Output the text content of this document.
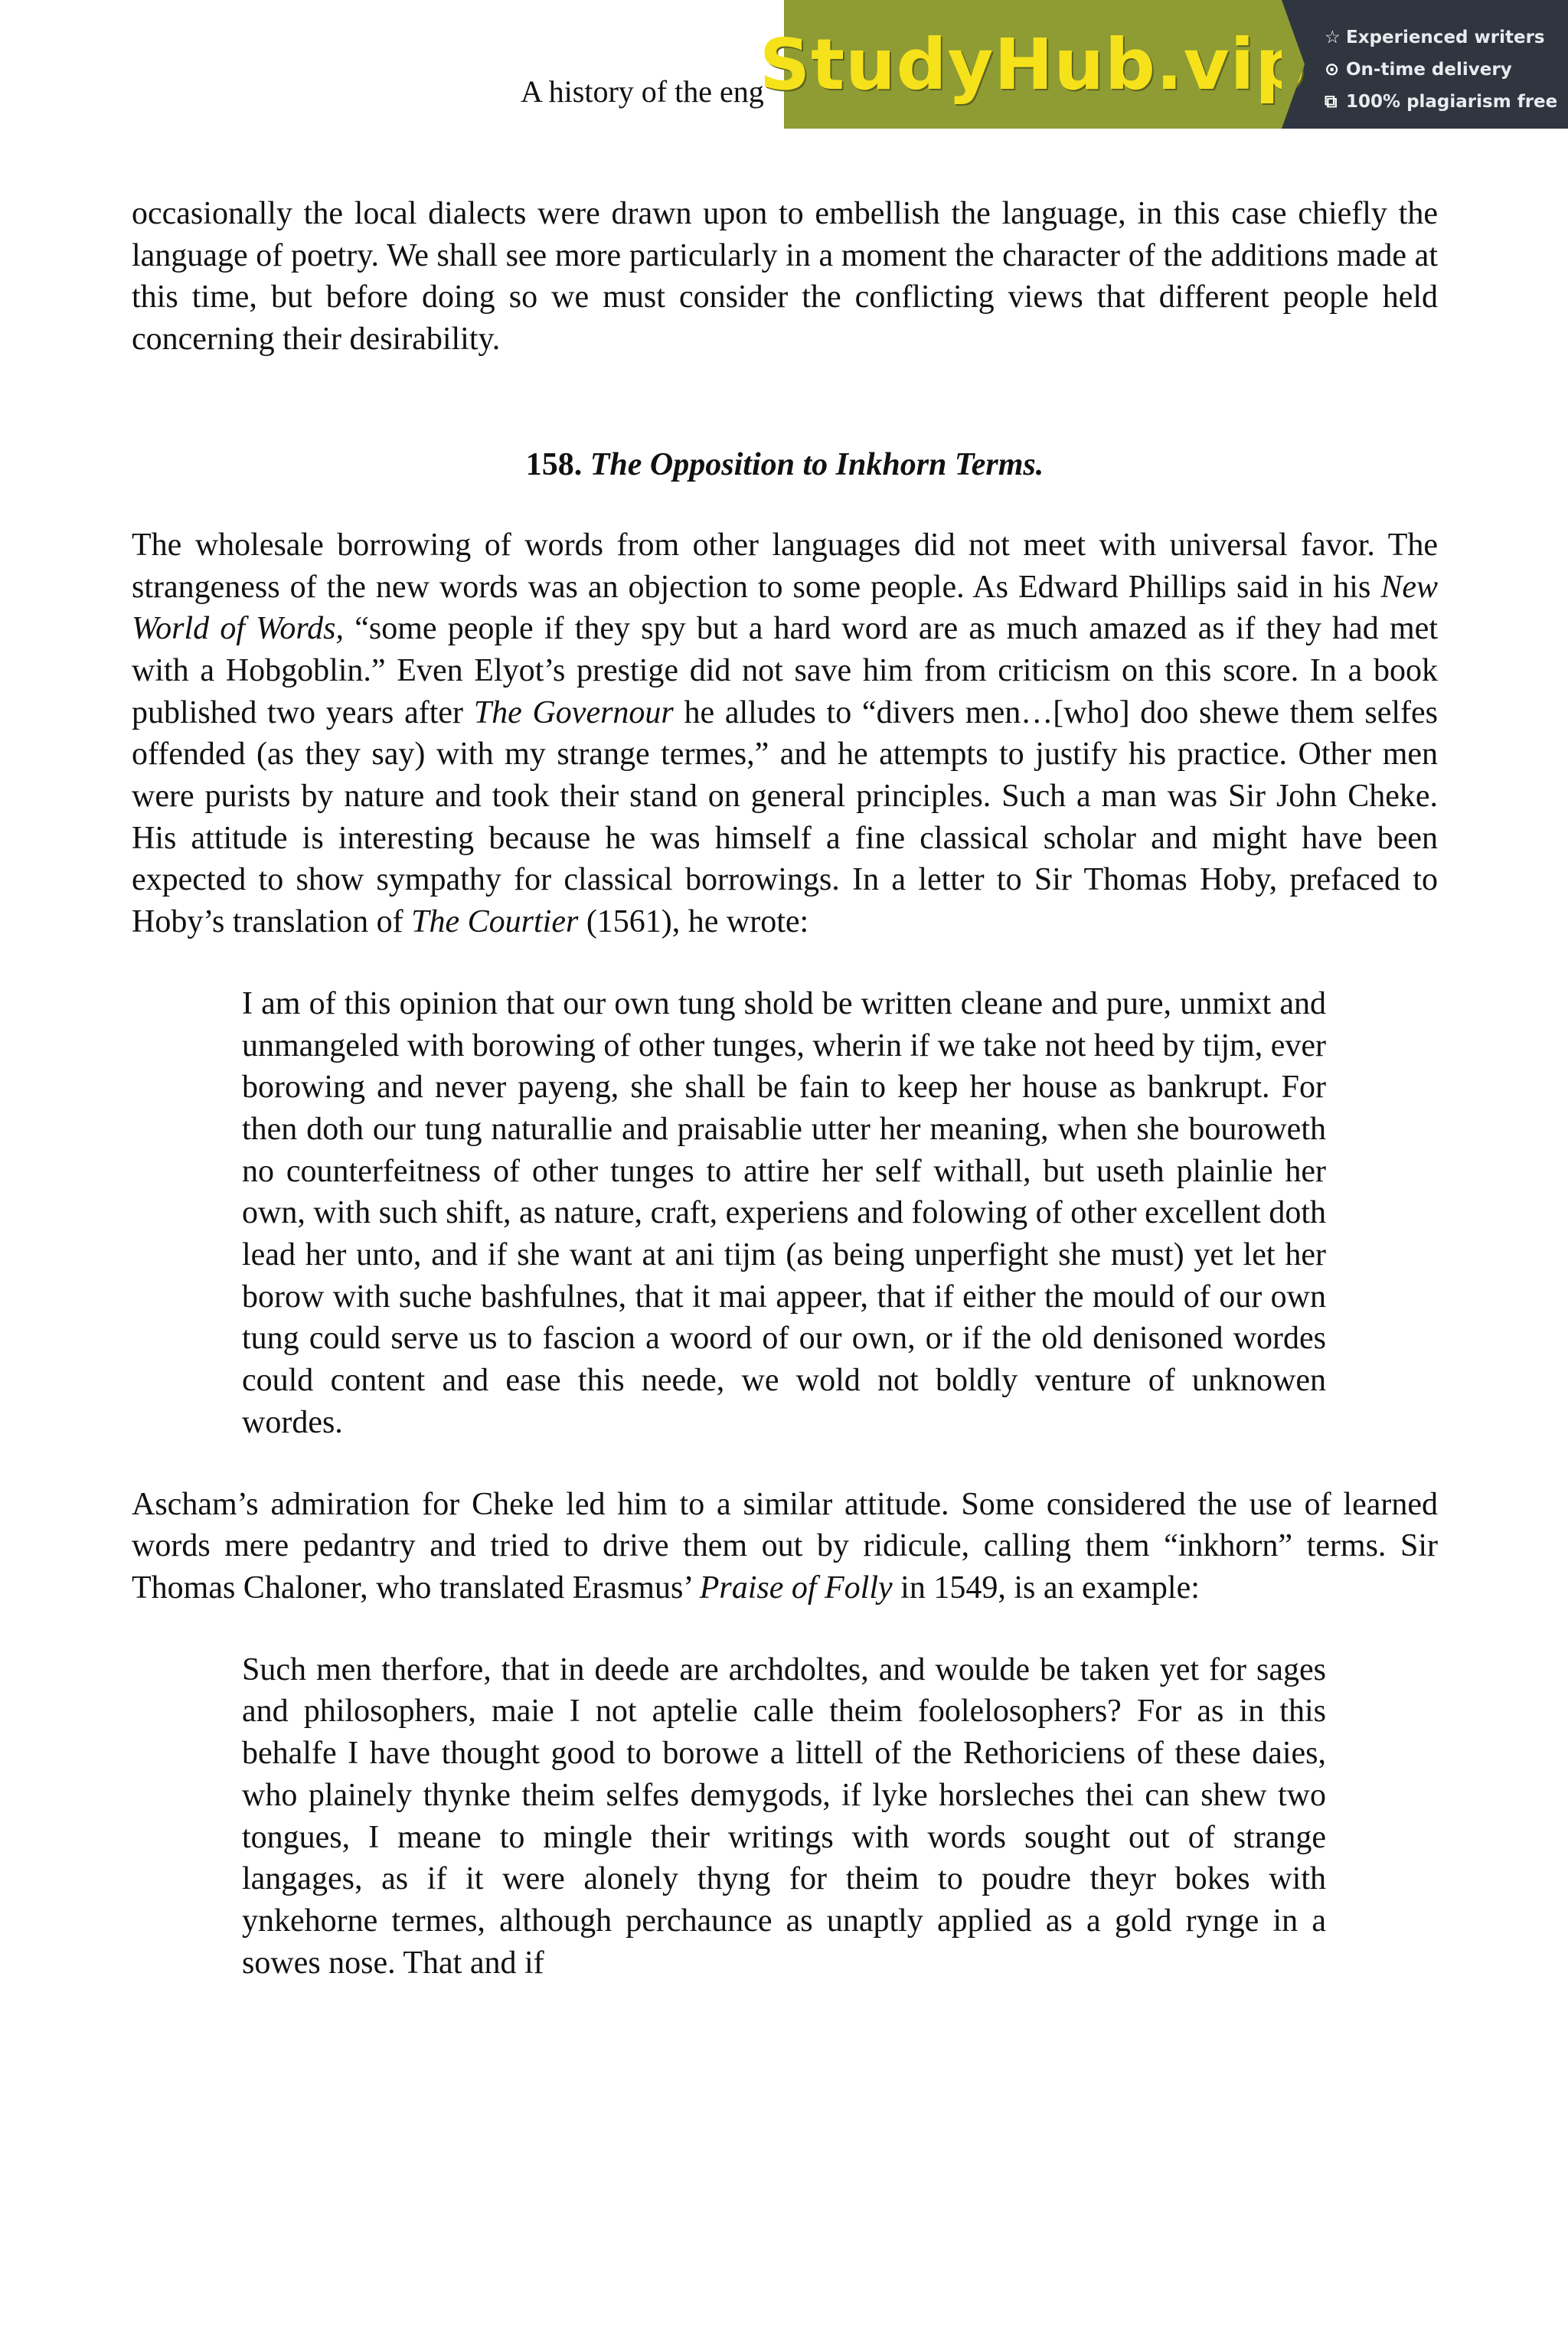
A history of the eng
StudyHub.vip ☆ Experienced writers
⊙ On-time delivery
⧉ 100% plagiarism free

occasionally the local dialects were drawn upon to embellish the language, in this case chiefly the language of poetry. We shall see more particularly in a moment the character of the additions made at this time, but before doing so we must consider the conflicting views that different people held concerning their desirability.

158. The Opposition to Inkhorn Terms.

The wholesale borrowing of words from other languages did not meet with universal favor. The strangeness of the new words was an objection to some people. As Edward Phillips said in his New World of Words, “some people if they spy but a hard word are as much amazed as if they had met with a Hobgoblin.” Even Elyot’s prestige did not save him from criticism on this score. In a book published two years after The Governour he alludes to “divers men…[who] doo shewe them selfes offended (as they say) with my strange termes,” and he attempts to justify his practice. Other men were purists by nature and took their stand on general principles. Such a man was Sir John Cheke. His attitude is interesting because he was himself a fine classical scholar and might have been expected to show sympathy for classical borrowings. In a letter to Sir Thomas Hoby, prefaced to Hoby’s translation of The Courtier (1561), he wrote:

I am of this opinion that our own tung shold be written cleane and pure, unmixt and unmangeled with borowing of other tunges, wherin if we take not heed by tijm, ever borowing and never payeng, she shall be fain to keep her house as bankrupt. For then doth our tung naturallie and praisablie utter her meaning, when she bouroweth no counterfeitness of other tunges to attire her self withall, but useth plainlie her own, with such shift, as nature, craft, experiens and folowing of other excellent doth lead her unto, and if she want at ani tijm (as being unperfight she must) yet let her borow with suche bashfulnes, that it mai appeer, that if either the mould of our own tung could serve us to fascion a woord of our own, or if the old denisoned wordes could content and ease this neede, we wold not boldly venture of unknowen wordes.

Ascham’s admiration for Cheke led him to a similar attitude. Some considered the use of learned words mere pedantry and tried to drive them out by ridicule, calling them “inkhorn” terms. Sir Thomas Chaloner, who translated Erasmus’ Praise of Folly in 1549, is an example:

Such men therfore, that in deede are archdoltes, and woulde be taken yet for sages and philosophers, maie I not aptelie calle theim foolelosophers? For as in this behalfe I have thought good to borowe a littell of the Rethoriciens of these daies, who plainely thynke theim selfes demygods, if lyke horsleches thei can shew two tongues, I meane to mingle their writings with words sought out of strange langages, as if it were alonely thyng for theim to poudre theyr bokes with ynkehorne termes, although perchaunce as unaptly applied as a gold rynge in a sowes nose. That and if
